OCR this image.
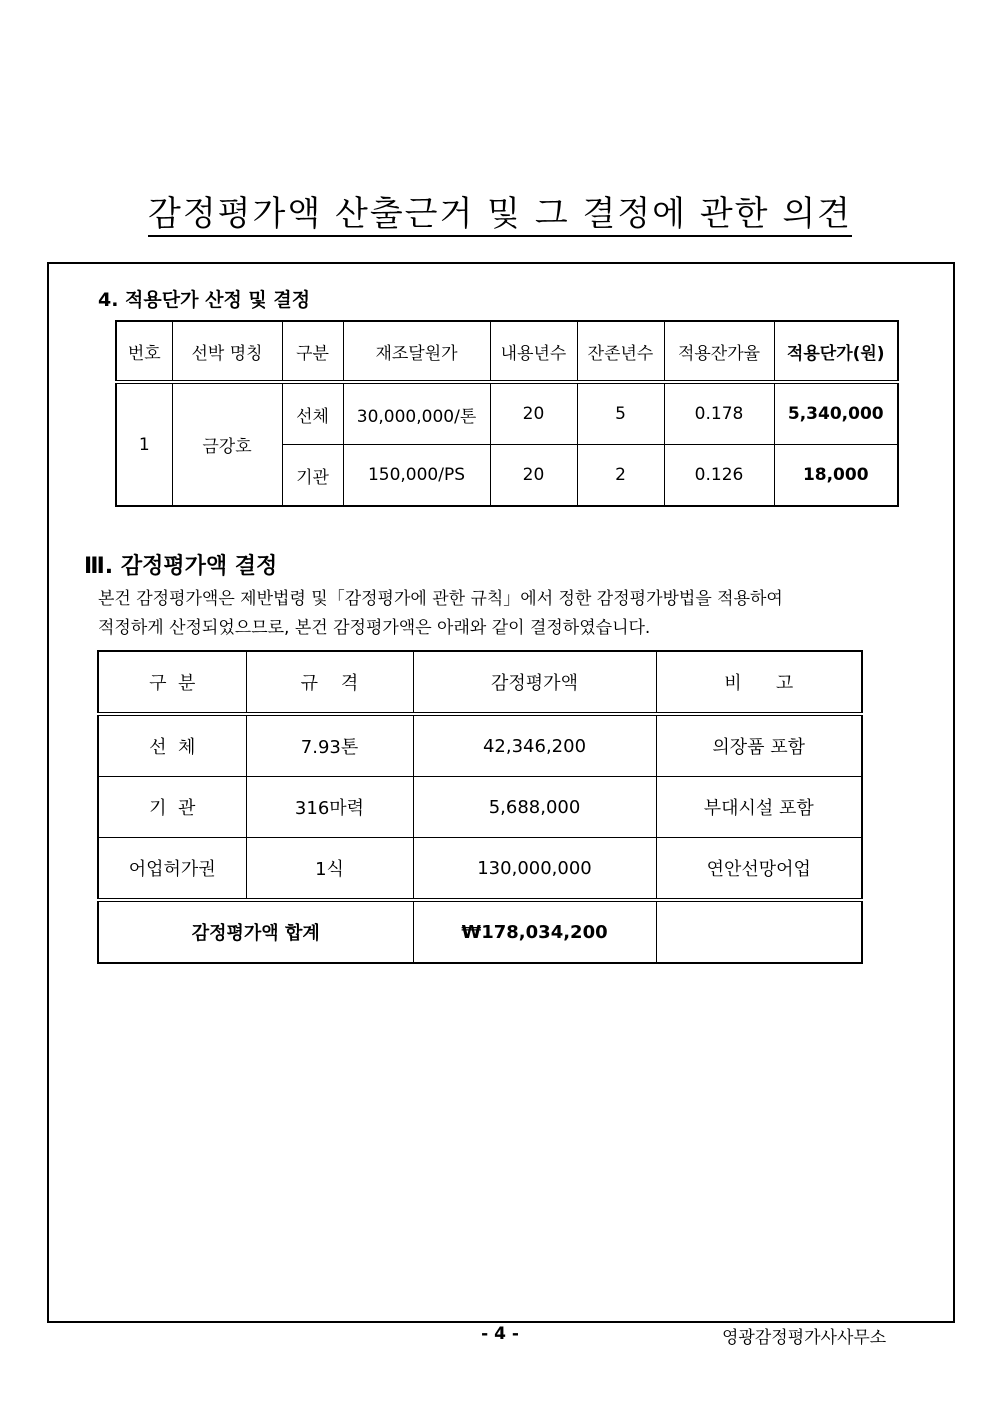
감정평가액 산출근거 및 그 결정에 관한 의견
4. 적용단가 산정 및 결정
번호	선박 명칭	구분	재조달원가	내용년수	잔존년수	적용잔가율	적용단가(원)
1	금강호	선체	30,000,000/톤	20	5	0.178	5,340,000
		기관	150,000/PS	20	2	0.126	18,000
Ⅲ. 감정평가액 결정
본건 감정평가액은 제반법령 및「감정평가에 관한 규칙」에서 정한 감정평가방법을 적용하여
적정하게 산정되었으므로, 본건 감정평가액은 아래와 같이 결정하였습니다.
구  분	규    격	감정평가액	비      고
선  체	7.93톤	42,346,200	의장품 포함
기  관	316마력	5,688,000	부대시설 포함
어업허가권	1식	130,000,000	연안선망어업
감정평가액 합계		₩178,034,200	
- 4 -	영광감정평가사사무소
